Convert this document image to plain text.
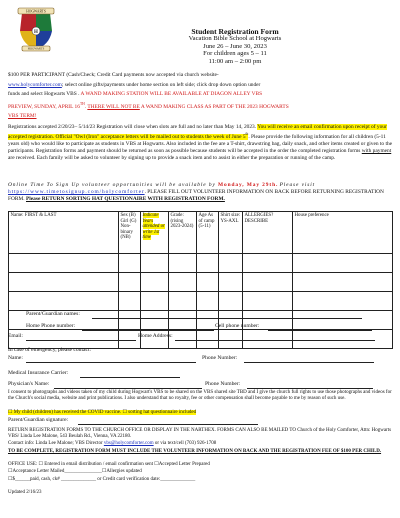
HOGWARTS
HOGWARTS
H	Student Registration Form
Vacation Bible School at Hogwarts
June 26 – June 30, 2023
For children ages 5 – 11
11:00 am – 2:00 pm
$100 PER PARTICIPANT (Cash/Check; Credit Card payments now accepted via church website-
www.holycomforter.com; select online gifts/payments under home section on left side; click drop down option under
funds and select Hogwarts VBS . A WAND MAKING STATION WILL BE AVAILABLE AT DIAGON ALLEY VBS
PREVIEW, SUNDAY, APRIL 16TH. THERE WILL NOT BE A WAND MAKING CLASS AS PART OF THE 2023 HOGWARTS
VBS TERM!
Registrations accepted 2/20/23– 5/14/23 Registration will close when slots are full and no later than May 14, 2023. You will receive an email confirmation upon receipt of your accepted registration. Official "Owl (Iron" acceptance letters will be mailed out to students the week of June 5th. Please provide the following information for all children (5-11 years old) who would like to participate as students in VBS at Hogwarts. Also included in the fee are a T-shirt, drawstring bag, daily snack, and other items created or given to the participants. Registration forms and payment should be returned as soon as possible because students will be accepted in the order the completed registration forms with payment are received. Each family will be asked to volunteer by signing up to provide a snack item and to assist in either the preparation or running of the camp.
Online Time To Sign Up volunteer opportunities will be available by Monday, May 29th. Please visit https://www.timetosignup.com/holycomforter. PLEASE FILL OUT VOLUNTEER INFORMATION ON BACK BEFORE RETURNING REGISTRATION FORM. Please RETURN SORTING HAT QUESTIONAIRE WITH REGISTRATION FORM.
Name: FIRST & LAST	Sex (B) Girl (G) Non-binary (NB)	Indicate Years attended or write 1st time	Grade: (rising 2023-2024)	Age As of camp (5-11)	Shirt size: YS-AXL	ALLERGIES? DESCRIBE	House preference

Parent/Guardian names:
Home Phone number:	Cell phone number:
Email:	Home Address:
In case of emergency, please contact:
Name:	Phone Number:
Medical Insurance Carrier:
Physician's Name:	Phone Number:
I consent to photographs and videos taken of my child during Hogwart's VBS to be shared on the VBS shared site TBD and I give the church full rights to use those photographs and videos for the Church's social media, website and print publications. I also understand that no royalty, fee or other compensation shall become payable to me by reason of such use.
☐ My child (children) has received the COVID vaccine. ☐ sorting hat questionnaire included
Parent/Guardian signature:
RETURN REGISTRATION FORMS TO THE CHURCH OFFICE OR DISPLAY IN THE NARTHEX. FORMS CAN ALSO BE MAILED TO Church of the Holy Comforter, Attn: Hogwarts VBS/ Linda Lee Malone, 543 Beulah Rd., Vienna, VA 22180.
Contact info: Linda Lee Malone; VBS Director vbs@holycomforter.com or via text/cell (703) 926-1708
TO BE COMPLETE, REGISTRATION FORM MUST INCLUDE THE VOLUNTEER INFORMATION ON BACK AND THE REGISTRATION FEE OF $100 PER CHILD.
OFFICE USE: ☐ Entered in email distribution / email confirmation sent ☐Accepted Letter Prepared
☐Acceptance Letter Mailed_______________☐Allergies updated
☐$______paid, cash, ck# ______________ or Credit card verification date:______________
Updated 2/16/23
